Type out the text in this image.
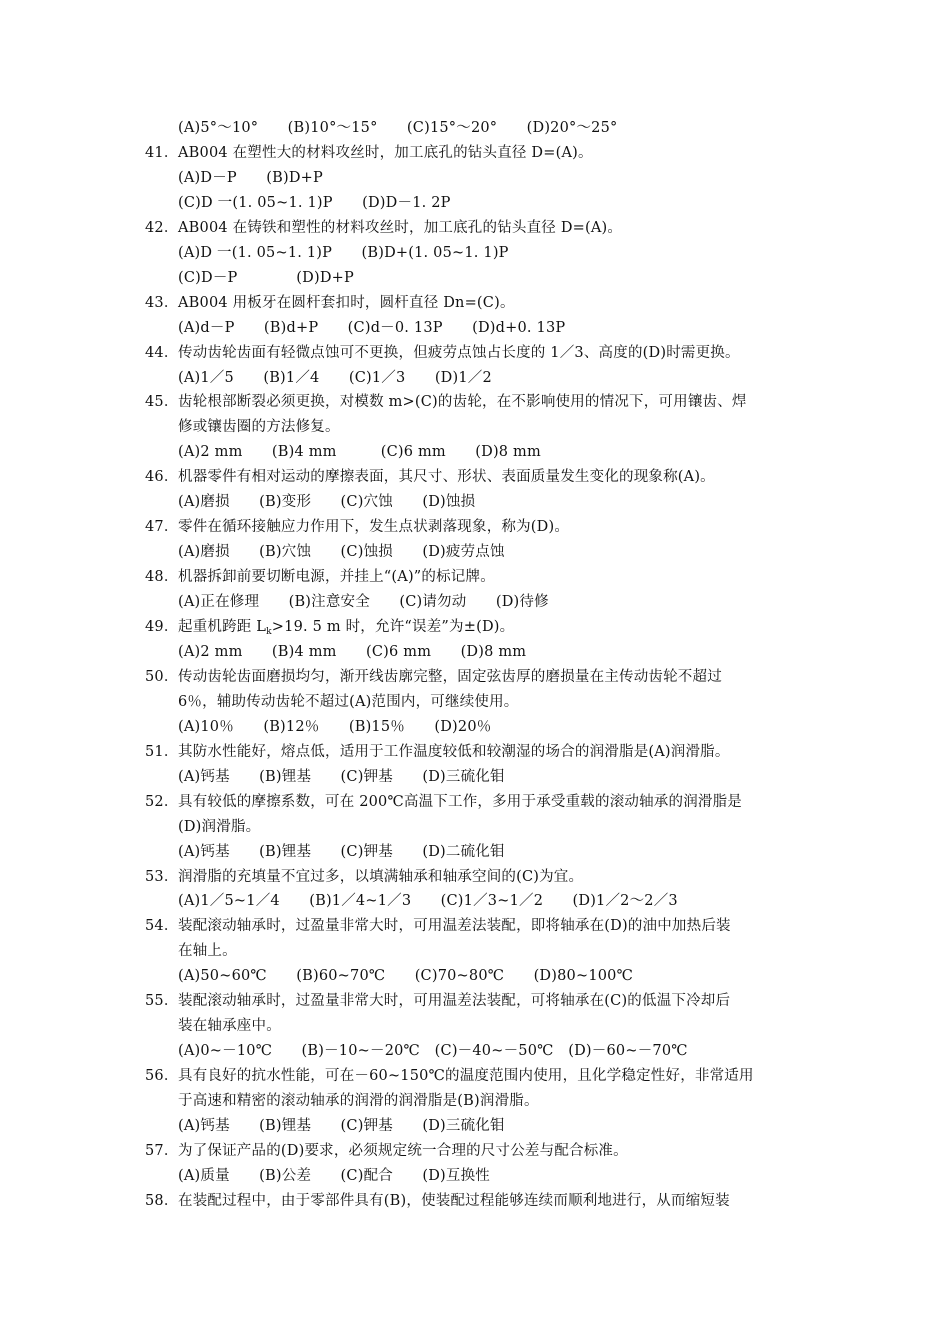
(A)5°～10°　　(B)10°～15°　　(C)15°～20°　　(D)20°～25°
41．AB004 在塑性大的材料攻丝时，加工底孔的钻头直径 D=(A)。
(A)D－P　　(B)D+P
(C)D 一(1. 05~1. 1)P　　(D)D－1. 2P
42．AB004 在铸铁和塑性的材料攻丝时，加工底孔的钻头直径 D=(A)。
(A)D 一(1. 05~1. 1)P　　(B)D+(1. 05~1. 1)P
(C)D－P　　　　(D)D+P
43．AB004 用板牙在圆杆套扣时，圆杆直径 Dn=(C)。
(A)d－P　　(B)d+P　　(C)d－0. 13P　　(D)d+0. 13P
44．传动齿轮齿面有轻微点蚀可不更换，但疲劳点蚀占长度的 1／3、高度的(D)时需更换。
(A)1／5　　(B)1／4　　(C)1／3　　(D)1／2
45．齿轮根部断裂必须更换，对模数 m>(C)的齿轮，在不影响使用的情况下，可用镶齿、焊
修或镶齿圈的方法修复。
(A)2 mm　　(B)4 mm　　　(C)6 mm　　(D)8 mm
46．机器零件有相对运动的摩擦表面，其尺寸、形状、表面质量发生变化的现象称(A)。
(A)磨损　　(B)变形　　(C)穴蚀　　(D)蚀损
47．零件在循环接触应力作用下，发生点状剥落现象，称为(D)。
(A)磨损　　(B)穴蚀　　(C)蚀损　　(D)疲劳点蚀
48．机器拆卸前要切断电源，并挂上“(A)”的标记牌。
(A)正在修理　　(B)注意安全　　(C)请勿动　　(D)待修
49．起重机跨距 $L_k>19$. 5 m 时，允许“误差”为±(D)。
(A)2 mm　　(B)4 mm　　(C)6 mm　　(D)8 mm
50．传动齿轮齿面磨损均匀，渐开线齿廓完整，固定弦齿厚的磨损量在主传动齿轮不超过
6％，辅助传动齿轮不超过(A)范围内，可继续使用。
(A)10％　　(B)12％　　(B)15％　　(D)20％
51．其防水性能好，熔点低，适用于工作温度较低和较潮湿的场合的润滑脂是(A)润滑脂。
(A)钙基　　(B)锂基　　(C)钾基　　(D)三硫化钼
52．具有较低的摩擦系数，可在 200℃高温下工作，多用于承受重载的滚动轴承的润滑脂是
(D)润滑脂。
(A)钙基　　(B)锂基　　(C)钾基　　(D)二硫化钼
53．润滑脂的充填量不宜过多，以填满轴承和轴承空间的(C)为宜。
(A)1／5~1／4　　(B)1／4~1／3　　(C)1／3~1／2　　(D)1／2～2／3
54．装配滚动轴承时，过盈量非常大时，可用温差法装配，即将轴承在(D)的油中加热后装
在轴上。
(A)50~60℃　　(B)60~70℃　　(C)70~80℃　　(D)80~100℃
55．装配滚动轴承时，过盈量非常大时，可用温差法装配，可将轴承在(C)的低温下冷却后
装在轴承座中。
(A)0~－10℃　　(B)－10~－20℃　(C)－40~－50℃　(D)－60~－70℃
56．具有良好的抗水性能，可在－60~150℃的温度范围内使用，且化学稳定性好，非常适用
于高速和精密的滚动轴承的润滑的润滑脂是(B)润滑脂。
(A)钙基　　(B)锂基　　(C)钾基　　(D)三硫化钼
57．为了保证产品的(D)要求，必须规定统一合理的尺寸公差与配合标准。
(A)质量　　(B)公差　　(C)配合　　(D)互换性
58．在装配过程中，由于零部件具有(B)，使装配过程能够连续而顺利地进行，从而缩短装
